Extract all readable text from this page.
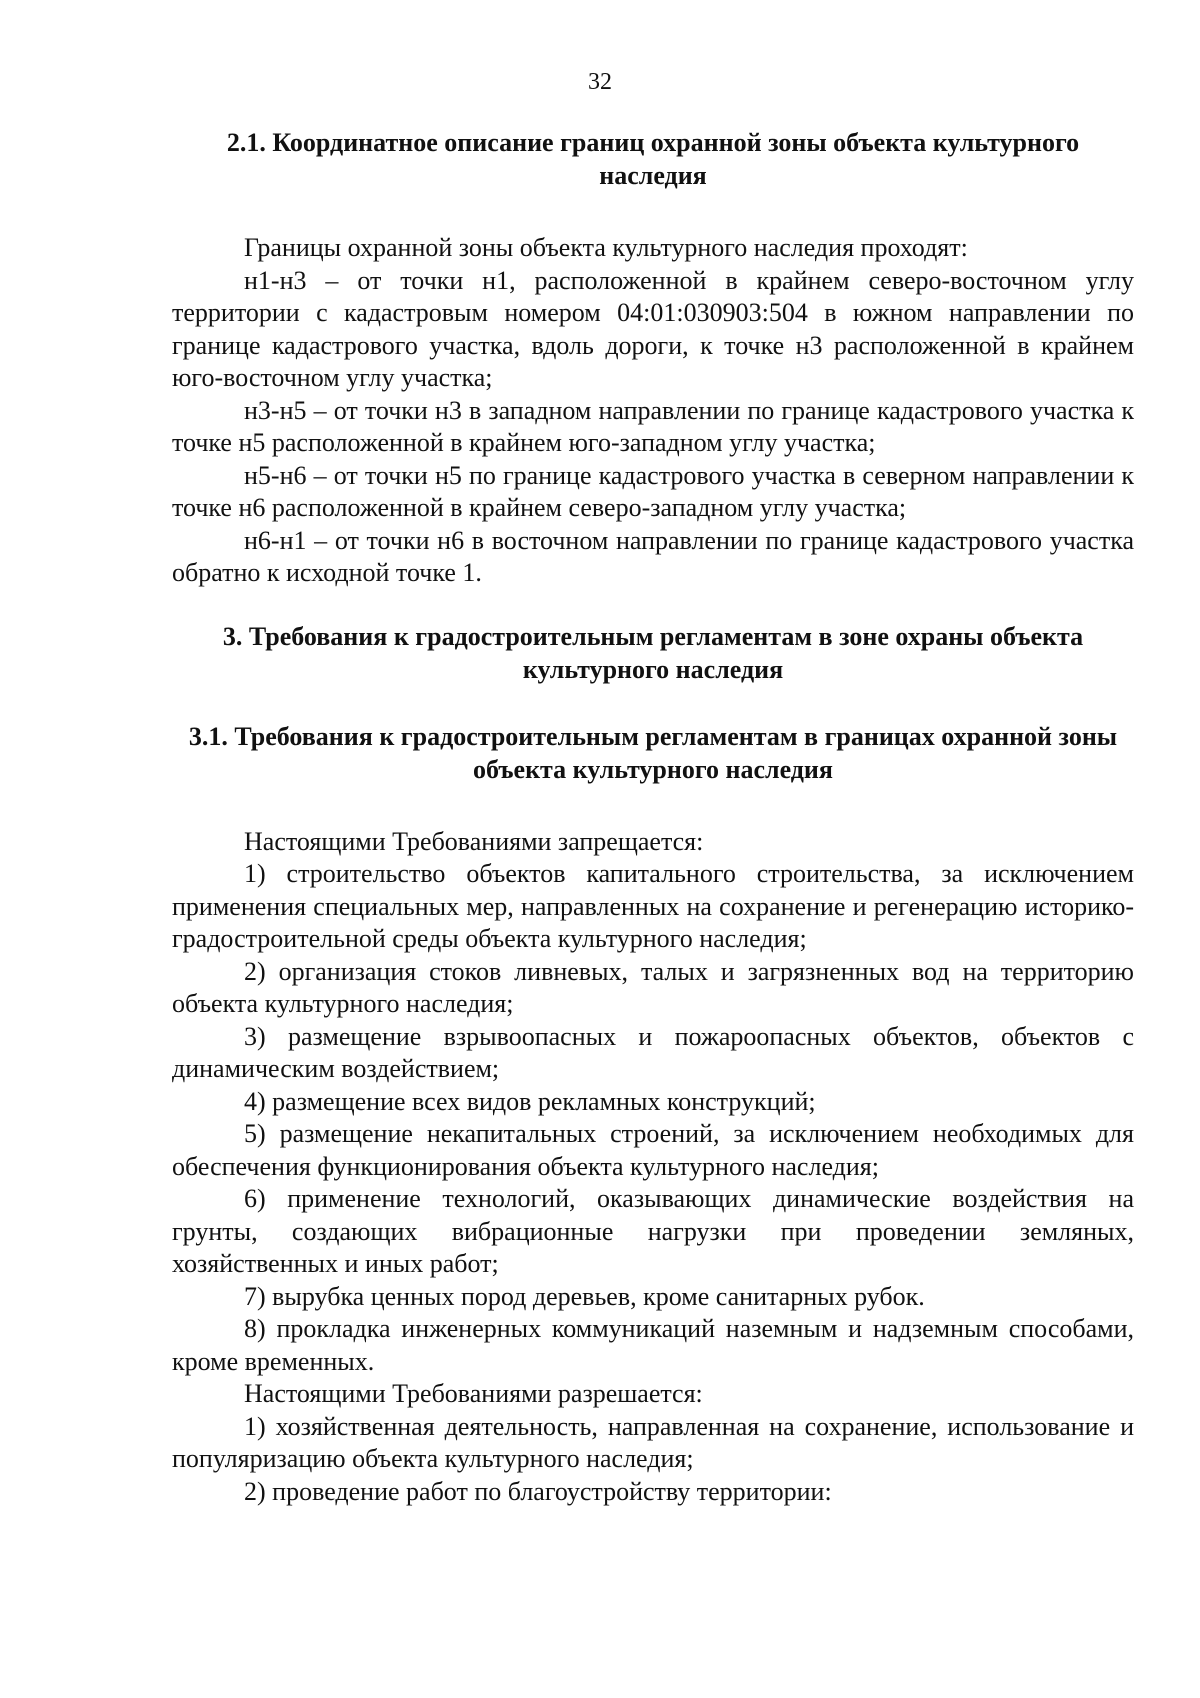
32
2.1. Координатное описание границ охранной зоны объекта культурного наследия

Границы охранной зоны объекта культурного наследия проходят:

н1-н3 – от точки н1, расположенной в крайнем северо-восточном углу территории с кадастровым номером 04:01:030903:504 в южном направлении по границе кадастрового участка, вдоль дороги, к точке н3 расположенной в крайнем юго-восточном углу участка;

н3-н5 – от точки н3 в западном направлении по границе кадастрового участка к точке н5 расположенной в крайнем юго-западном углу участка;

н5-н6 – от точки н5 по границе кадастрового участка в северном направлении к точке н6 расположенной в крайнем северо-западном углу участка;

н6-н1 – от точки н6 в восточном направлении по границе кадастрового участка обратно к исходной точке 1.

3. Требования к градостроительным регламентам в зоне охраны объекта культурного наследия
3.1. Требования к градостроительным регламентам в границах охранной зоны объекта культурного наследия

Настоящими Требованиями запрещается:

1) строительство объектов капитального строительства, за исключением применения специальных мер, направленных на сохранение и регенерацию историко-градостроительной среды объекта культурного наследия;

2) организация стоков ливневых, талых и загрязненных вод на территорию объекта культурного наследия;

3) размещение взрывоопасных и пожароопасных объектов, объектов с динамическим воздействием;

4) размещение всех видов рекламных конструкций;

5) размещение некапитальных строений, за исключением необходимых для обеспечения функционирования объекта культурного наследия;

6) применение технологий, оказывающих динамические воздействия на грунты, создающих вибрационные нагрузки при проведении земляных, хозяйственных и иных работ;

7) вырубка ценных пород деревьев, кроме санитарных рубок.

8) прокладка инженерных коммуникаций наземным и надземным способами, кроме временных.

Настоящими Требованиями разрешается:

1) хозяйственная деятельность, направленная на сохранение, использование и популяризацию объекта культурного наследия;

2) проведение работ по благоустройству территории:
